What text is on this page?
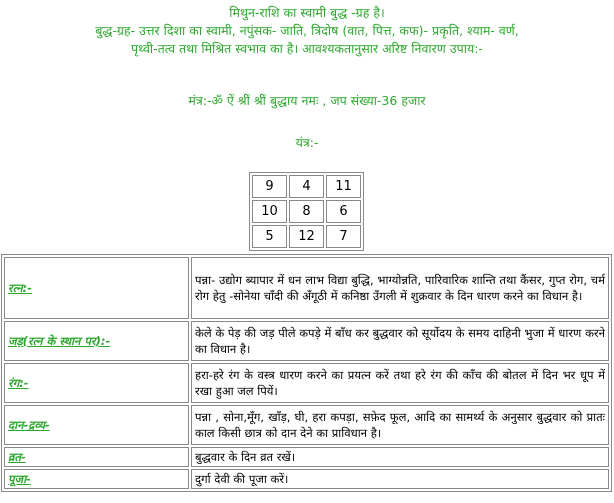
मिथुन-राशि का स्वामी बुद्ध -ग्रह है।

बुद्ध-ग्रह- उत्तर दिशा का स्वामी, नपुंसक- जाति, त्रिदोष (वात, पित्त, कफ)- प्रकृति, श्याम- वर्ण,

पृथ्वी-तत्व तथा मिश्रित स्वभाव का है। आवश्यकतानुसार अरिष्ट निवारण उपाय:-

मंत्र:-ॐ ऐं श्रीं श्रीं बुद्धाय नमः , जप संख्या-36 हजार
यंत्र:-
9	4	11
10	8	6
5	12	7
रत्न:-	पन्ना- उद्योग ब्यापार में धन लाभ विद्या बुद्धि, भाग्योन्नति, पारिवारिक शान्ति तथा कैंसर, गुप्त रोग, चर्म रोग हेतु -सोनेया चाँदी की अँगूठी में कनिष्ठा उँगली में शुक्रवार के दिन धारण करने का विधान है।
जड़(रत्न के स्थान पर):-	केले के पेड़ की जड़ पीले कपड़े में बाँध कर बुद्धवार को सूर्योदय के समय दाहिनी भुजा में धारण करने का विधान है।
रंग:-	हरा-हरे रंग के वस्त्र धारण करने का प्रयत्न करें तथा हरे रंग की काँच की बोतल में दिन भर धूप में रखा हुआ जल पियें।
दान-द्रव्य-	पन्ना , सोना,मूँग, खाँड़, घी, हरा कपड़ा, सफ़ेद फूल, आदि का सामर्थ्य के अनुसार बुद्धवार को प्रातः काल किसी छात्र को दान देने का प्राविधान है।
व्रत-	बुद्धवार के दिन व्रत रखें।
पूजा-	दुर्गा देवी की पूजा करें।
